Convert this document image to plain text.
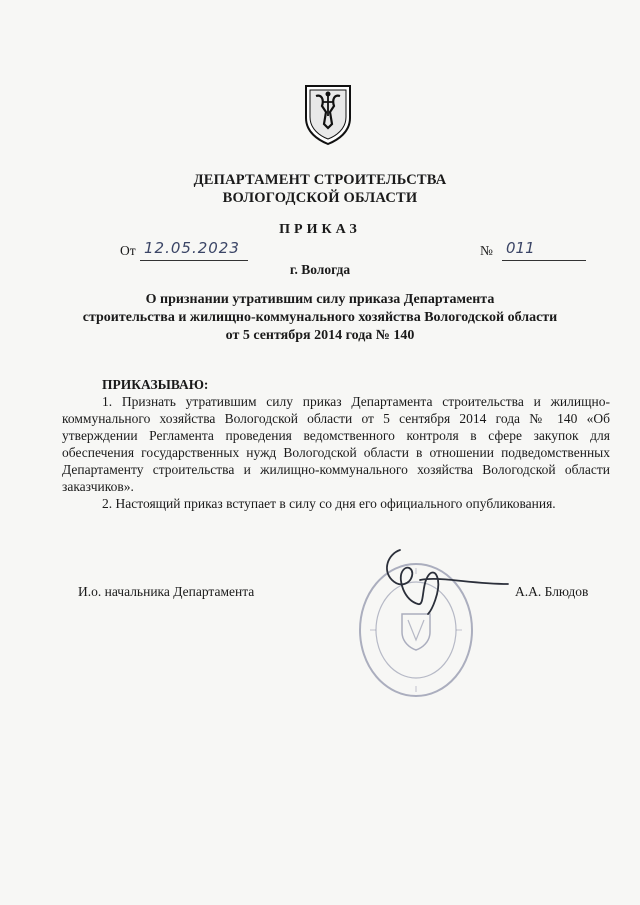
ДЕПАРТАМЕНТ СТРОИТЕЛЬСТВА
ВОЛОГОДСКОЙ ОБЛАСТИ
ПРИКАЗ
От 12.05.2023	№ 011
г. Вологда
О признании утратившим силу приказа Департамента
строительства и жилищно-коммунального хозяйства Вологодской области
от 5 сентября 2014 года № 140
ПРИКАЗЫВАЮ:

1. Признать утратившим силу приказ Департамента строительства и жилищно-коммунального хозяйства Вологодской области от 5 сентября 2014 года № 140 «Об утверждении Регламента проведения ведомственного контроля в сфере закупок для обеспечения государственных нужд Вологодской области в отношении подведомственных Департаменту строительства и жилищно-коммунального хозяйства Вологодской области заказчиков».

2. Настоящий приказ вступает в силу со дня его официального опубликования.

И.о. начальника Департамента	А.А. Блюдов
